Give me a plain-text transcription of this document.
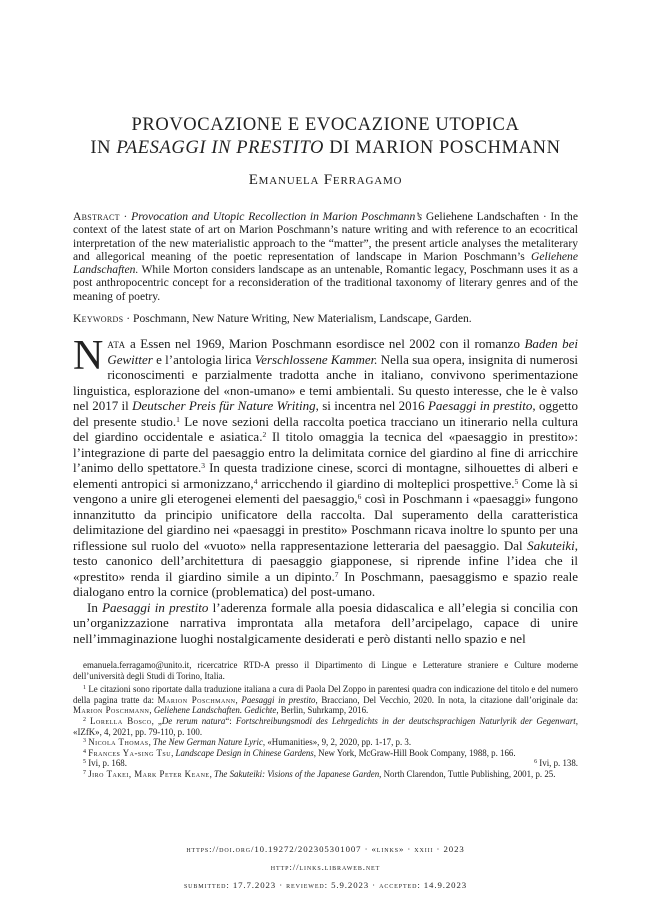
PROVOCAZIONE E EVOCAZIONE UTOPICA
IN PAESAGGI IN PRESTITO DI MARION POSCHMANN
Emanuela Ferragamo
Abstract · Provocation and Utopic Recollection in Marion Poschmann’s Geliehene Landschaften · In the context of the latest state of art on Marion Poschmann’s nature writing and with reference to an ecocritical interpretation of the new materialistic approach to the “matter”, the present article analyses the metaliterary and allegorical meaning of the poetic representation of landscape in Marion Poschmann’s Geliehene Landschaften. While Morton considers landscape as an untenable, Romantic legacy, Poschmann uses it as a post anthropocentric concept for a reconsideration of the traditional taxonomy of literary genres and of the meaning of poetry.
Keywords · Poschmann, New Nature Writing, New Materialism, Landscape, Garden.

Nata a Essen nel 1969, Marion Poschmann esordisce nel 2002 con il romanzo Baden bei Gewitter e l’antologia lirica Verschlossene Kammer. Nella sua opera, insignita di numerosi riconoscimenti e parzialmente tradotta anche in italiano, convivono sperimentazione linguistica, esplorazione del «non-umano» e temi ambientali. Su questo interesse, che le è valso nel 2017 il Deutscher Preis für Nature Writing, si incentra nel 2016 Paesaggi in prestito, oggetto del presente studio.$^1$ Le nove sezioni della raccolta poetica tracciano un itinerario nella cultura del giardino occidentale e asiatica.$^2$ Il titolo omaggia la tecnica del «paesaggio in prestito»: l’integrazione di parte del paesaggio entro la delimitata cornice del giardino al fine di arricchire l’animo dello spettatore.$^3$ In questa tradizione cinese, scorci di montagne, silhouettes di alberi e elementi antropici si armonizzano,$^4$ arricchendo il giardino di molteplici prospettive.$^5$ Come là si vengono a unire gli eterogenei elementi del paesaggio,$^6$ così in Poschmann i «paesaggi» fungono innanzitutto da principio unificatore della raccolta. Dal superamento della caratteristica delimitazione del giardino nei «paesaggi in prestito» Poschmann ricava inoltre lo spunto per una riflessione sul ruolo del «vuoto» nella rappresentazione letteraria del paesaggio. Dal Sakuteiki, testo canonico dell’architettura di paesaggio giapponese, si riprende infine l’idea che il «prestito» renda il giardino simile a un dipinto.$^7$ In Poschmann, paesaggismo e spazio reale dialogano entro la cornice (problematica) del post-umano.

In Paesaggi in prestito l’aderenza formale alla poesia didascalica e all’elegia si concilia con un’organizzazione narrativa improntata alla metafora dell’arcipelago, capace di unire nell’immaginazione luoghi nostalgicamente desiderati e però distanti nello spazio e nel

emanuela.ferragamo@unito.it, ricercatrice RTD-A presso il Dipartimento di Lingue e Letterature straniere e Culture moderne dell’università degli Studi di Torino, Italia.

$^1$ Le citazioni sono riportate dalla traduzione italiana a cura di Paola Del Zoppo in parentesi quadra con indicazione del titolo e del numero della pagina tratte da: Marion Poschmann, Paesaggi in prestito, Bracciano, Del Vecchio, 2020. In nota, la citazione dall’originale da: Marion Poschmann, Geliehene Landschaften. Gedichte, Berlin, Suhrkamp, 2016.

$^2$ Lorella Bosco, „De rerum natura“: Fortschreibungsmodi des Lehrgedichts in der deutschsprachigen Naturlyrik der Gegenwart, «IZfK», 4, 2021, pp. 79-110, p. 100.

$^3$ Nicola Thomas, The New German Nature Lyric, «Humanities», 9, 2, 2020, pp. 1-17, p. 3.

$^4$ Frances Ya-sing Tsu, Landscape Design in Chinese Gardens, New York, McGraw-Hill Book Company, 1988, p. 166.

$^5$ Ivi, p. 168.	$^6$ Ivi, p. 138.

$^7$ Jiro Takei, Mark Peter Keane, The Sakuteiki: Visions of the Japanese Garden, North Clarendon, Tuttle Publishing, 2001, p. 25.

https://doi.org/10.19272/202305301007 · «links» · xxiii · 2023
http://links.libraweb.net
submitted: 17.7.2023 · reviewed: 5.9.2023 · accepted: 14.9.2023
